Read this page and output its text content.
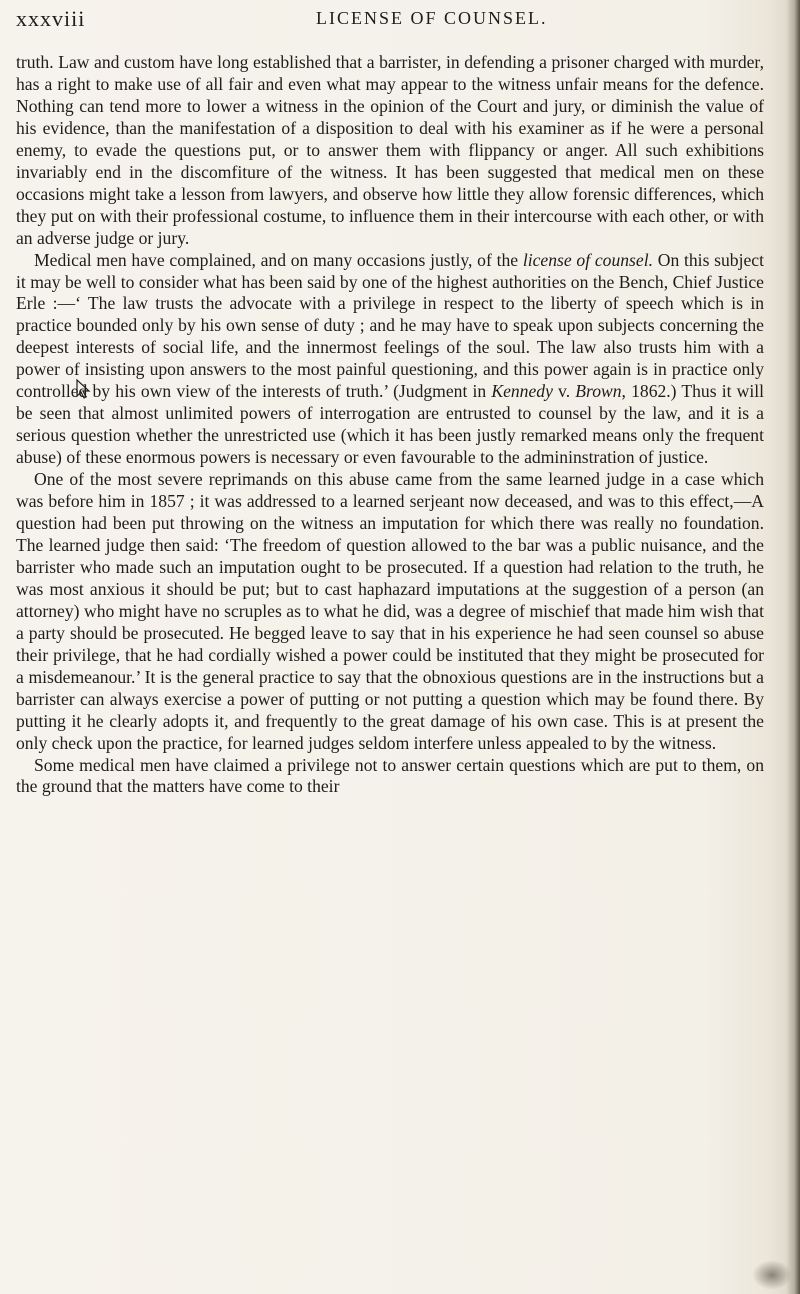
xxxviii	LICENSE OF COUNSEL.

truth. Law and custom have long established that a barrister, in defending a prisoner charged with murder, has a right to make use of all fair and even what may appear to the witness unfair means for the defence. Nothing can tend more to lower a witness in the opinion of the Court and jury, or diminish the value of his evidence, than the manifestation of a disposition to deal with his examiner as if he were a personal enemy, to evade the questions put, or to answer them with flippancy or anger. All such exhibitions invariably end in the discomfiture of the witness. It has been suggested that medical men on these occasions might take a lesson from lawyers, and observe how little they allow forensic differences, which they put on with their professional costume, to influence them in their intercourse with each other, or with an adverse judge or jury.

Medical men have complained, and on many occasions justly, of the license of counsel. On this subject it may be well to consider what has been said by one of the highest authorities on the Bench, Chief Justice Erle :—‘ The law trusts the advocate with a privilege in respect to the liberty of speech which is in practice bounded only by his own sense of duty ; and he may have to speak upon subjects concerning the deepest interests of social life, and the innermost feelings of the soul. The law also trusts him with a power of insisting upon answers to the most painful questioning, and this power again is in practice only controlled by his own view of the interests of truth.’ (Judgment in Kennedy v. Brown, 1862.) Thus it will be seen that almost unlimited powers of interrogation are entrusted to counsel by the law, and it is a serious question whether the unrestricted use (which it has been justly remarked means only the frequent abuse) of these enormous powers is necessary or even favourable to the admininstration of justice.

One of the most severe reprimands on this abuse came from the same learned judge in a case which was before him in 1857 ; it was addressed to a learned serjeant now deceased, and was to this effect,—A question had been put throwing on the witness an imputation for which there was really no foundation. The learned judge then said: ‘The freedom of question allowed to the bar was a public nuisance, and the barrister who made such an imputation ought to be prosecuted. If a question had relation to the truth, he was most anxious it should be put; but to cast haphazard imputations at the suggestion of a person (an attorney) who might have no scruples as to what he did, was a degree of mischief that made him wish that a party should be prosecuted. He begged leave to say that in his experience he had seen counsel so abuse their privilege, that he had cordially wished a power could be instituted that they might be prosecuted for a misdemeanour.’ It is the general practice to say that the obnoxious questions are in the instructions but a barrister can always exercise a power of putting or not putting a question which may be found there. By putting it he clearly adopts it, and frequently to the great damage of his own case. This is at present the only check upon the practice, for learned judges seldom interfere unless appealed to by the witness.

Some medical men have claimed a privilege not to answer certain questions which are put to them, on the ground that the matters have come to their
